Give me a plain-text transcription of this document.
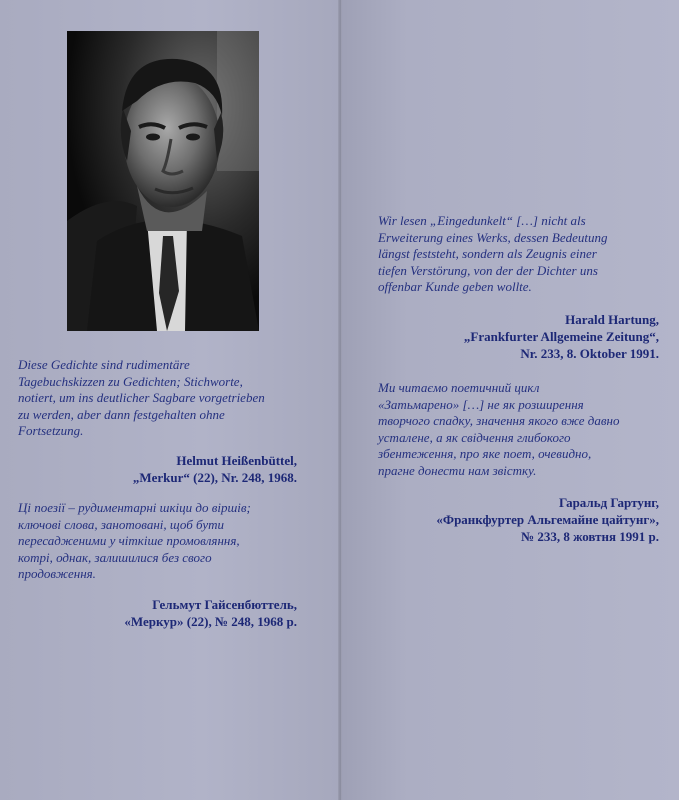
Diese Gedichte sind rudimentäre
Tagebuchskizzen zu Gedichten; Stichworte,
notiert, um ins deutlicher Sagbare vorgetrieben
zu werden, aber dann festgehalten ohne
Fortsetzung.
Helmut Heißenbüttel,
„Merkur“ (22), Nr. 248, 1968.
Ці поезії – рудиментарні шкіци до віршів;
ключові слова, занотовані, щоб бути
пересадженими у чіткіше промовляння,
котрі, однак, залишилися без свого
продовження.
Гельмут Гайсенбюттель,
«Меркур» (22), № 248, 1968 р.
Wir lesen „Eingedunkelt“ […] nicht als
Erweiterung eines Werks, dessen Bedeutung
längst feststeht, sondern als Zeugnis einer
tiefen Verstörung, von der der Dichter uns
offenbar Kunde geben wollte.
Harald Hartung,
„Frankfurter Allgemeine Zeitung“,
Nr. 233, 8. Oktober 1991.
Ми читаємо поетичний цикл
«Затьмарено» […] не як розширення
творчого спадку, значення якого вже давно
усталене, а як свідчення глибокого
збентеження, про яке поет, очевидно,
прагне донести нам звістку.
Гаральд Гартунг,
«Франкфуртер Альгемайне цайтунг»,
№ 233, 8 жовтня 1991 р.
